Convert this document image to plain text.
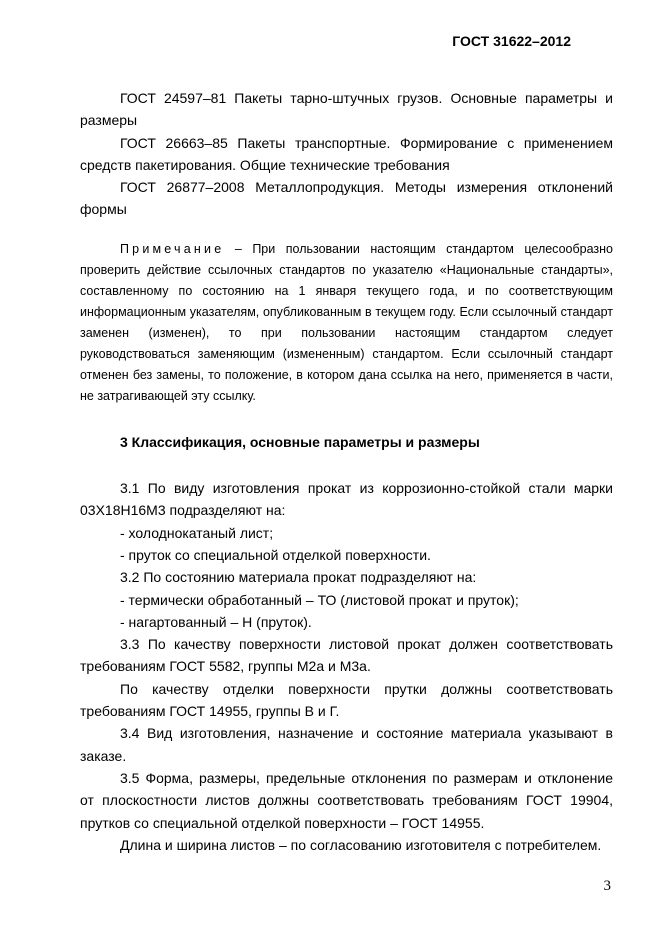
ГОСТ 31622–2012

ГОСТ 24597–81 Пакеты тарно-штучных грузов. Основные параметры и размеры

ГОСТ 26663–85 Пакеты транспортные. Формирование с применением средств пакетирования. Общие технические требования

ГОСТ 26877–2008 Металлопродукция. Методы измерения отклонений формы

Примечание – При пользовании настоящим стандартом целесообразно проверить действие ссылочных стандартов по указателю «Национальные стандарты», составленному по состоянию на 1 января текущего года, и по соответствующим информационным указателям, опубликованным в текущем году. Если ссылочный стандарт заменен (изменен), то при пользовании настоящим стандартом следует руководствоваться заменяющим (измененным) стандартом. Если ссылочный стандарт отменен без замены, то положение, в котором дана ссылка на него, применяется в части, не затрагивающей эту ссылку.

3 Классификация, основные параметры и размеры

3.1 По виду изготовления прокат из коррозионно-стойкой стали марки 03Х18Н16М3 подразделяют на:

- холоднокатаный лист;

- пруток со специальной отделкой поверхности.

3.2 По состоянию материала прокат подразделяют на:

- термически обработанный – ТО (листовой прокат и пруток);

- нагартованный – Н (пруток).

3.3 По качеству поверхности листовой прокат должен соответствовать требованиям ГОСТ 5582, группы М2а и М3а.

По качеству отделки поверхности прутки должны соответствовать требованиям ГОСТ 14955, группы В и Г.

3.4 Вид изготовления, назначение и состояние материала указывают в заказе.

3.5 Форма, размеры, предельные отклонения по размерам и отклонение от плоскостности листов должны соответствовать требованиям ГОСТ 19904, прутков со специальной отделкой поверхности – ГОСТ 14955.

Длина и ширина листов – по согласованию изготовителя с потребителем.

3
